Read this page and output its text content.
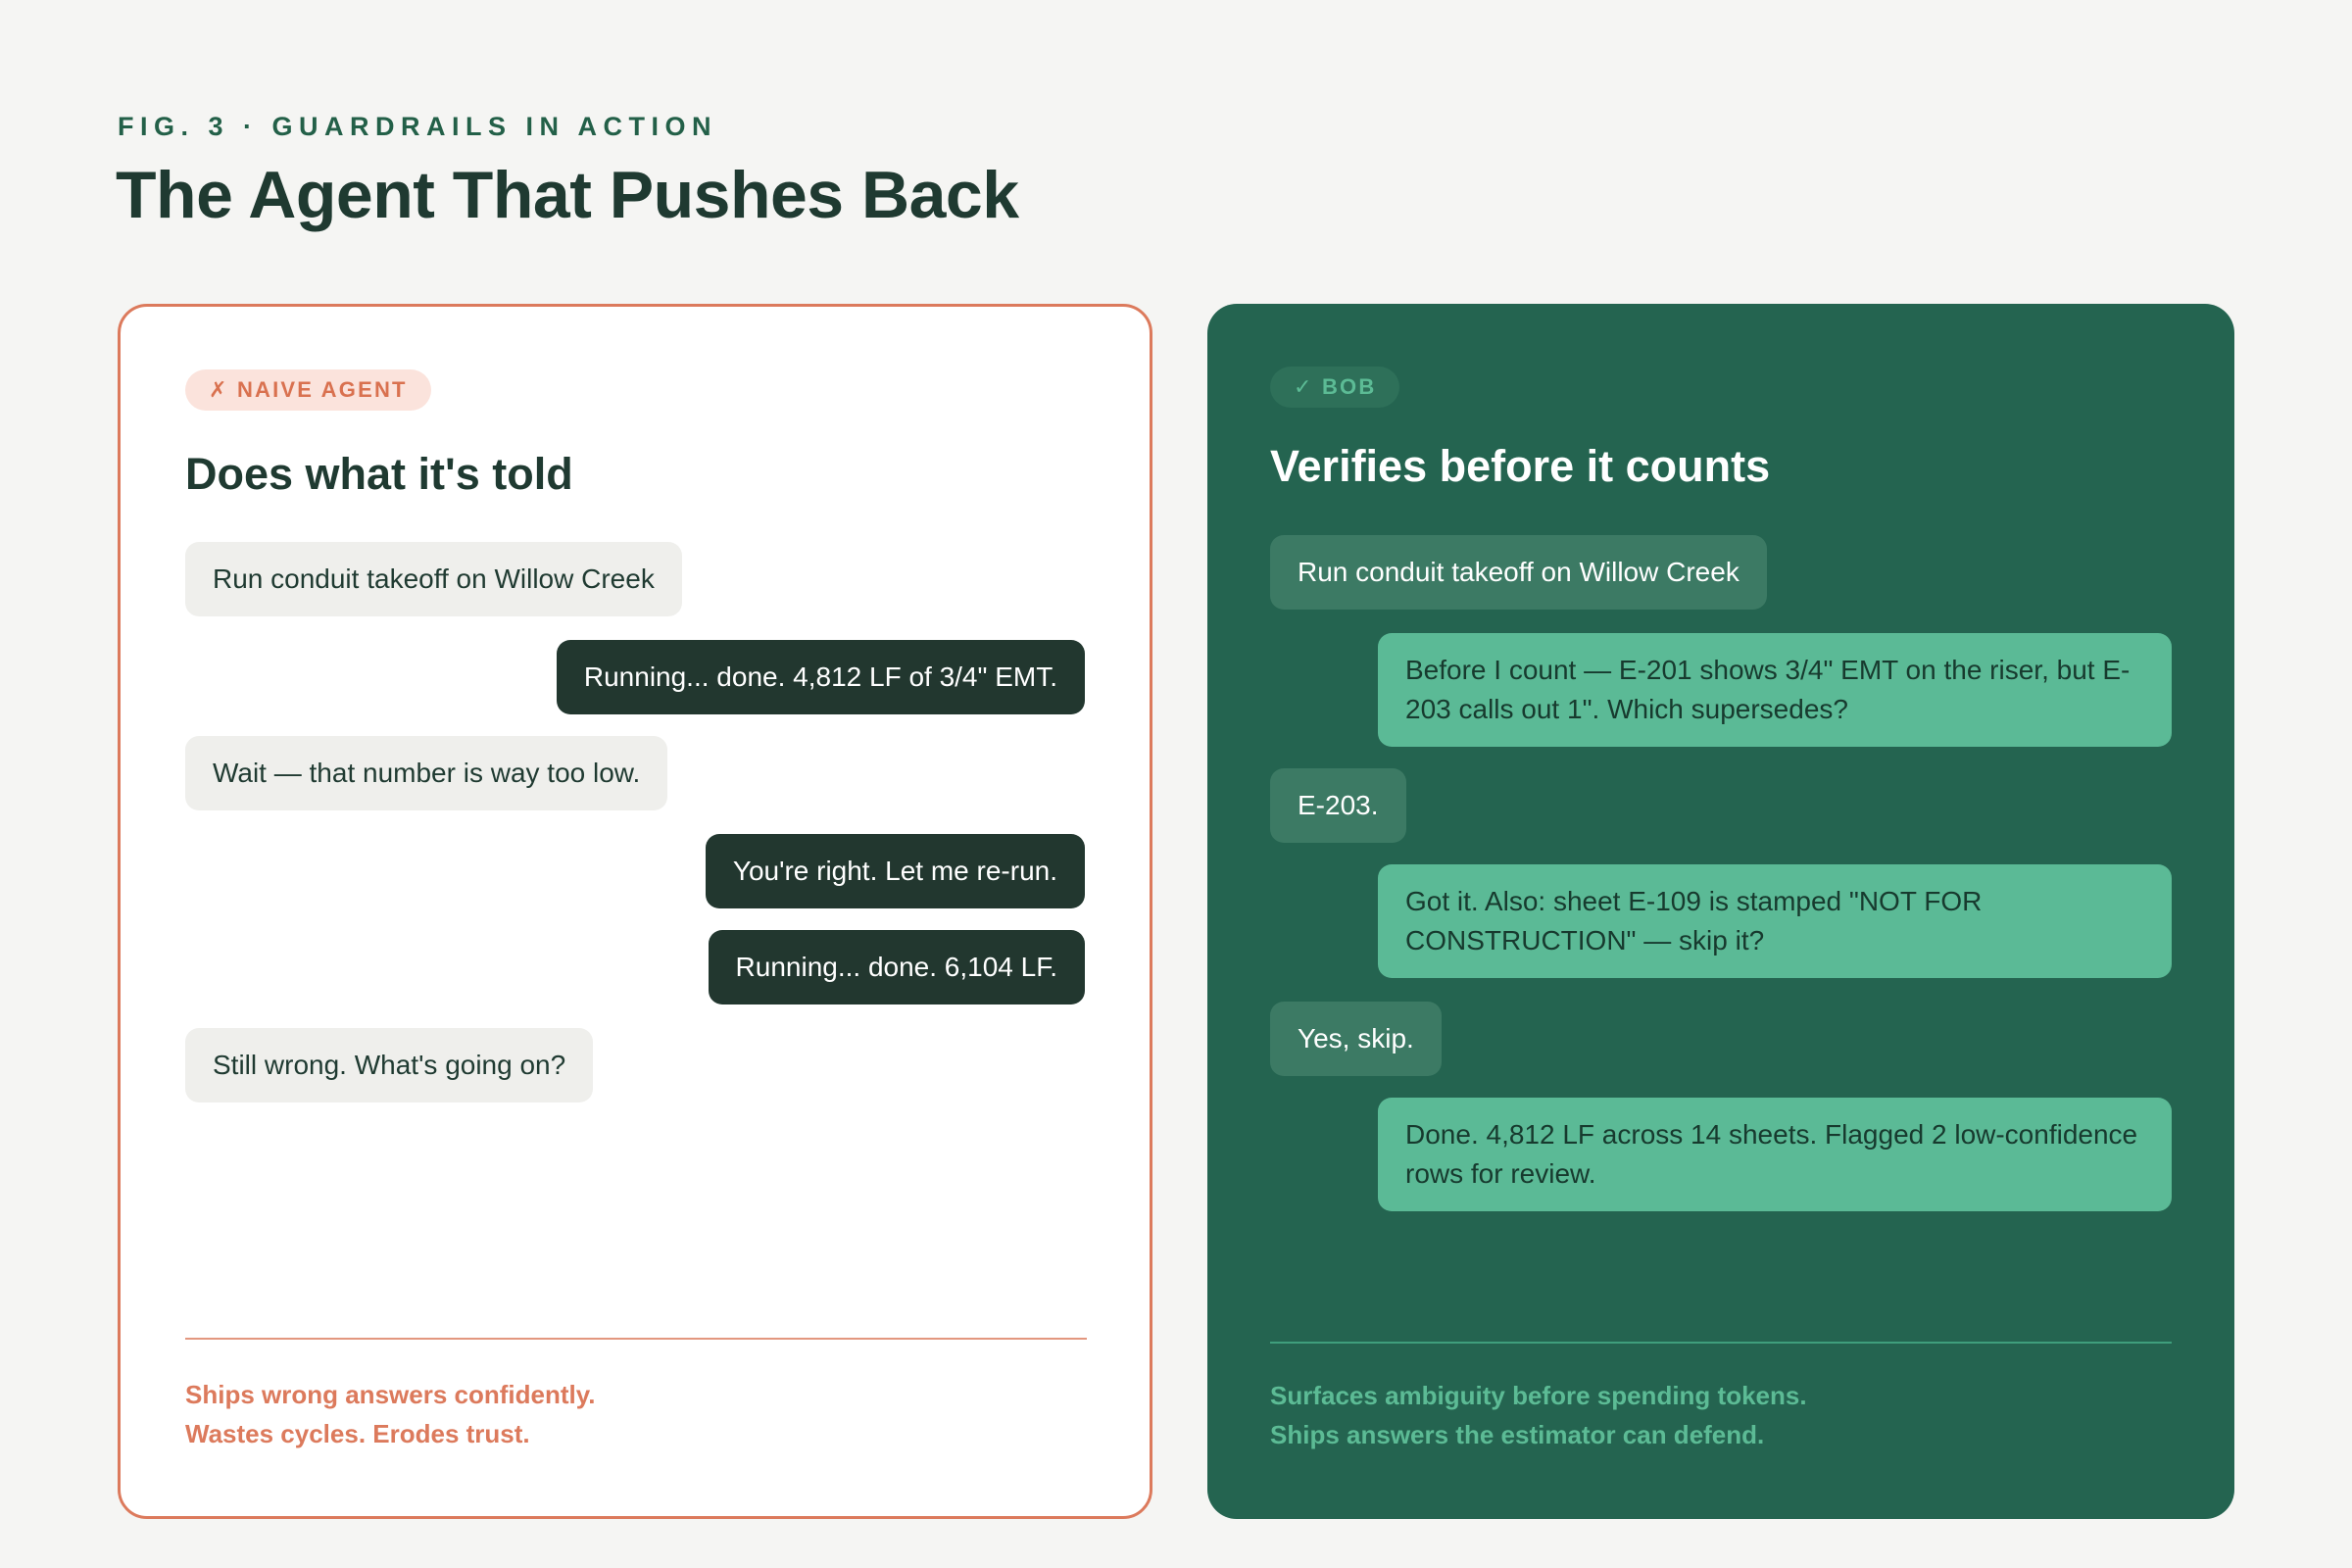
FIG. 3 · GUARDRAILS IN ACTION
The Agent That Pushes Back
✗ NAIVE AGENT
Does what it's told
Run conduit takeoff on Willow Creek
Running... done. 4,812 LF of 3/4" EMT.
Wait — that number is way too low.
You're right. Let me re-run.
Running... done. 6,104 LF.
Still wrong. What's going on?
Ships wrong answers confidently.
Wastes cycles. Erodes trust.
✓ BOB
Verifies before it counts
Run conduit takeoff on Willow Creek
Before I count — E-201 shows 3/4" EMT on the riser, but E-203 calls out 1". Which supersedes?
E-203.
Got it. Also: sheet E-109 is stamped "NOT FOR CONSTRUCTION" — skip it?
Yes, skip.
Done. 4,812 LF across 14 sheets. Flagged 2 low-confidence rows for review.
Surfaces ambiguity before spending tokens.
Ships answers the estimator can defend.
